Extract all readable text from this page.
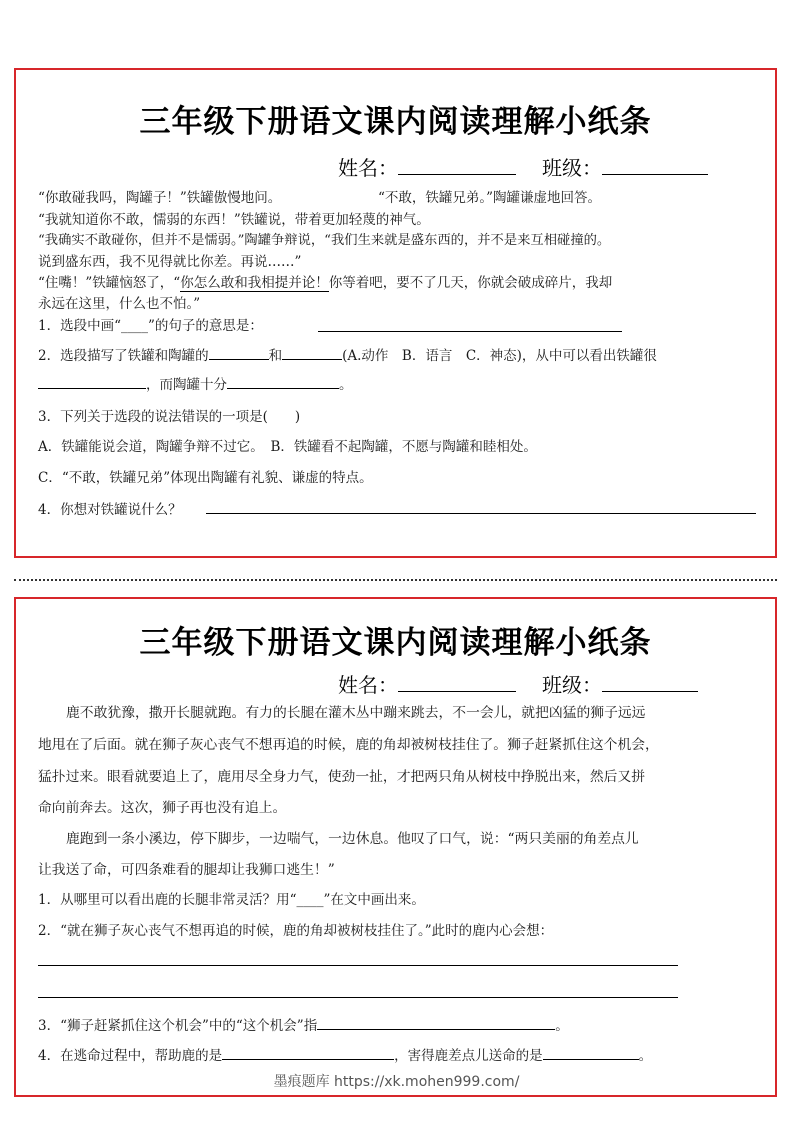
三年级下册语文课内阅读理解小纸条
姓名：	班级：
“你敢碰我吗，陶罐子！”铁罐傲慢地问。	“不敢，铁罐兄弟。”陶罐谦虚地回答。
“我就知道你不敢，懦弱的东西！”铁罐说，带着更加轻蔑的神气。
“我确实不敢碰你，但并不是懦弱。”陶罐争辩说，“我们生来就是盛东西的，并不是来互相碰撞的。
说到盛东西，我不见得就比你差。再说……”
“住嘴！”铁罐恼怒了，“你怎么敢和我相提并论！你等着吧，要不了几天，你就会破成碎片，我却
永远在这里，什么也不怕。”
1．选段中画“____”的句子的意思是：
2．选段描写了铁罐和陶罐的	和	(A.动作　B．语言　C．神态)，从中可以看出铁罐很
，而陶罐十分	。
3．下列关于选段的说法错误的一项是(　　)
A．铁罐能说会道，陶罐争辩不过它。　B．铁罐看不起陶罐，不愿与陶罐和睦相处。
C．“不敢，铁罐兄弟”体现出陶罐有礼貌、谦虚的特点。
4．你想对铁罐说什么？
三年级下册语文课内阅读理解小纸条
姓名：	班级：
鹿不敢犹豫，撒开长腿就跑。有力的长腿在灌木丛中蹦来跳去，不一会儿，就把凶猛的狮子远远
地甩在了后面。就在狮子灰心丧气不想再追的时候，鹿的角却被树枝挂住了。狮子赶紧抓住这个机会，
猛扑过来。眼看就要追上了，鹿用尽全身力气，使劲一扯，才把两只角从树枝中挣脱出来，然后又拼
命向前奔去。这次，狮子再也没有追上。
鹿跑到一条小溪边，停下脚步，一边喘气，一边休息。他叹了口气，说：“两只美丽的角差点儿
让我送了命，可四条难看的腿却让我狮口逃生！”
1．从哪里可以看出鹿的长腿非常灵活？用“____”在文中画出来。
2．“就在狮子灰心丧气不想再追的时候，鹿的角却被树枝挂住了。”此时的鹿内心会想：
3．“狮子赶紧抓住这个机会”中的“这个机会”指	。
4．在逃命过程中，帮助鹿的是	，害得鹿差点儿送命的是	。
墨痕题库 https://xk.mohen999.com/
